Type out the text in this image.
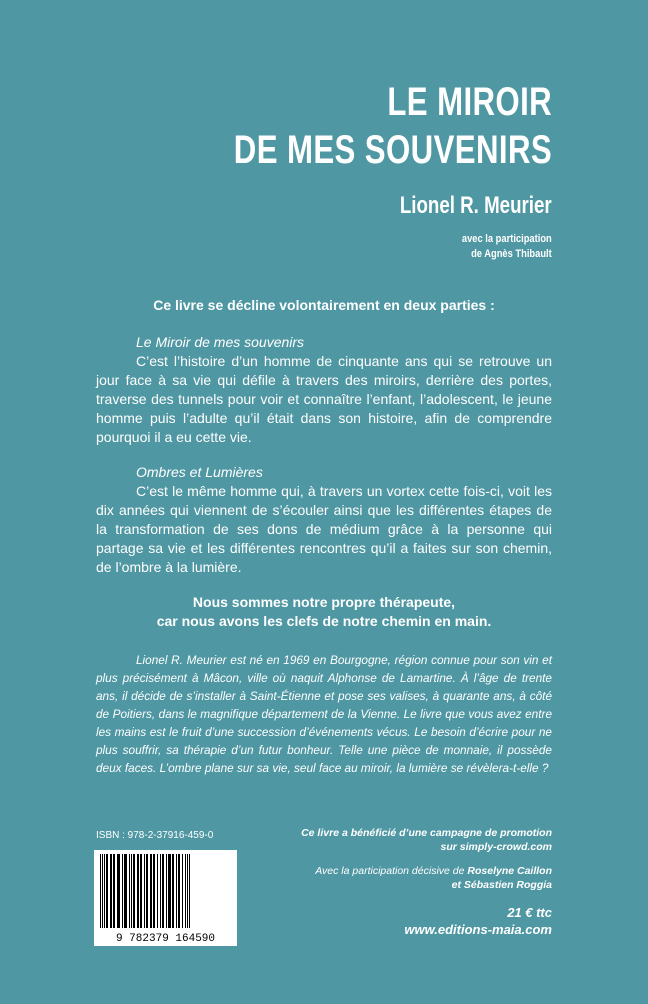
LE MIROIR
DE MES SOUVENIRS
Lionel R. Meurier
avec la participation
de Agnès Thibault

Ce livre se décline volontairement en deux parties :

Le Miroir de mes souvenirs

C’est l’histoire d’un homme de cinquante ans qui se retrouve un jour face à sa vie qui défile à travers des miroirs, derrière des portes, traverse des tunnels pour voir et connaître l’enfant, l’adolescent, le jeune homme puis l’adulte qu’il était dans son histoire, afin de comprendre pourquoi il a eu cette vie.

Ombres et Lumières

C’est le même homme qui, à travers un vortex cette fois-ci, voit les dix années qui viennent de s’écouler ainsi que les différentes étapes de la transformation de ses dons de médium grâce à la personne qui partage sa vie et les différentes rencontres qu’il a faites sur son chemin, de l’ombre à la lumière.

Nous sommes notre propre thérapeute,
car nous avons les clefs de notre chemin en main.

Lionel R. Meurier est né en 1969 en Bourgogne, région connue pour son vin et plus précisément à Mâcon, ville où naquit Alphonse de Lamartine. À l’âge de trente ans, il décide de s’installer à Saint-Étienne et pose ses valises, à quarante ans, à côté de Poitiers, dans le magnifique département de la Vienne. Le livre que vous avez entre les mains est le fruit d’une succession d’événements vécus. Le besoin d’écrire pour ne plus souffrir, sa thérapie d’un futur bonheur. Telle une pièce de monnaie, il possède deux faces. L’ombre plane sur sa vie, seul face au miroir, la lumière se révèlera-t-elle ?

ISBN : 978-2-37916-459-0
9 782379 164590
Ce livre a bénéficié d’une campagne de promotion
sur simply-crowd.com
Avec la participation décisive de Roselyne Caillon
et Sébastien Roggia
21 € ttc
www.editions-maia.com
